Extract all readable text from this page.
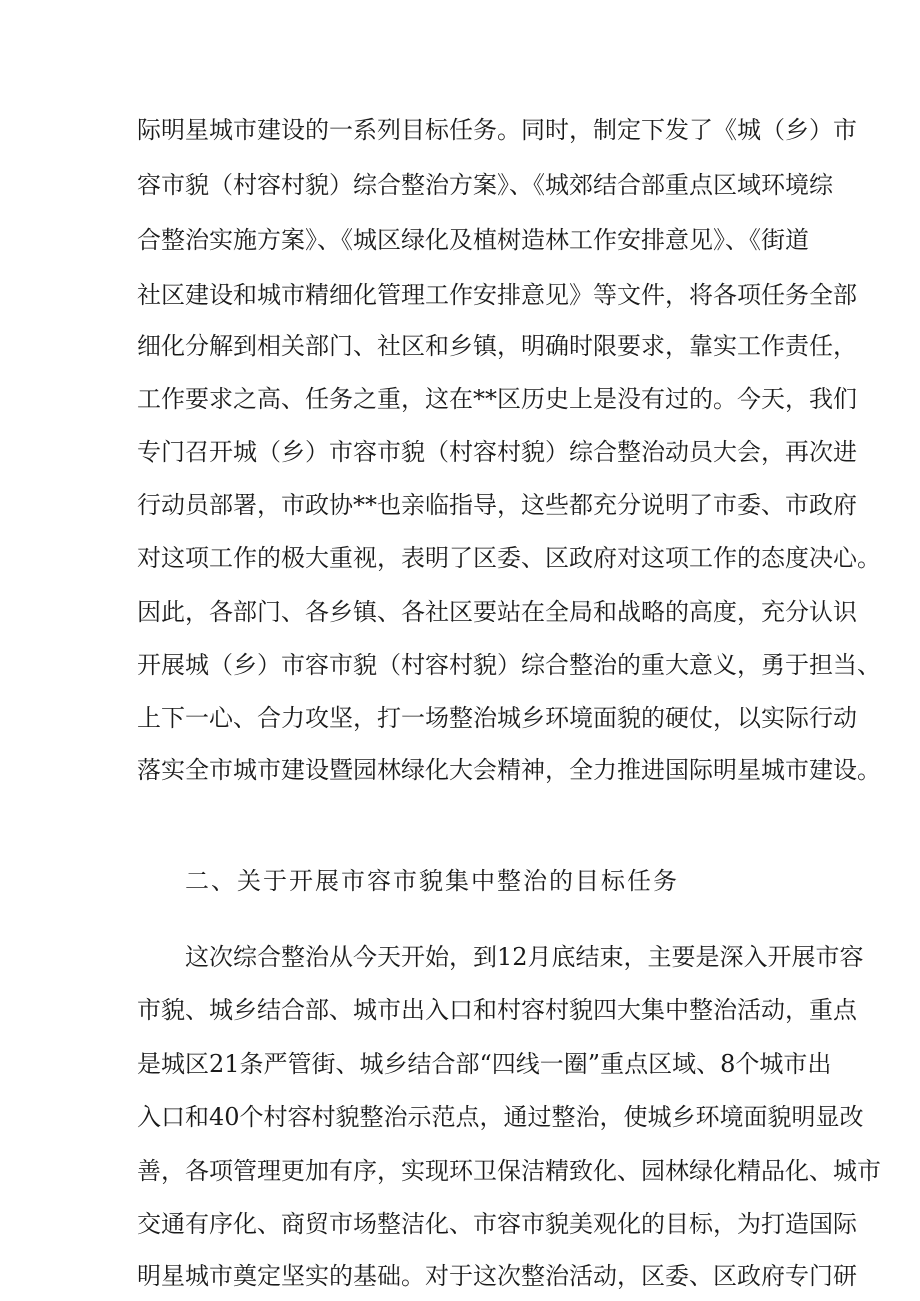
际明星城市建设的一系列目标任务。同时，制定下发了《城（乡）市
容市貌（村容村貌）综合整治方案》、《城郊结合部重点区域环境综
合整治实施方案》、《城区绿化及植树造林工作安排意见》、《街道
社区建设和城市精细化管理工作安排意见》等文件，将各项任务全部
细化分解到相关部门、社区和乡镇，明确时限要求，靠实工作责任，
工作要求之高、任务之重，这在**区历史上是没有过的。今天，我们
专门召开城（乡）市容市貌（村容村貌）综合整治动员大会，再次进
行动员部署，市政协**也亲临指导，这些都充分说明了市委、市政府
对这项工作的极大重视，表明了区委、区政府对这项工作的态度决心。
因此，各部门、各乡镇、各社区要站在全局和战略的高度，充分认识
开展城（乡）市容市貌（村容村貌）综合整治的重大意义，勇于担当、
上下一心、合力攻坚，打一场整治城乡环境面貌的硬仗，以实际行动
落实全市城市建设暨园林绿化大会精神，全力推进国际明星城市建设。
二、关于开展市容市貌集中整治的目标任务
这次综合整治从今天开始，到12月底结束，主要是深入开展市容
市貌、城乡结合部、城市出入口和村容村貌四大集中整治活动，重点
是城区21条严管街、城乡结合部“四线一圈”重点区域、8个城市出
入口和40个村容村貌整治示范点，通过整治，使城乡环境面貌明显改
善，各项管理更加有序，实现环卫保洁精致化、园林绿化精品化、城市
交通有序化、商贸市场整洁化、市容市貌美观化的目标，为打造国际
明星城市奠定坚实的基础。对于这次整治活动，区委、区政府专门研
